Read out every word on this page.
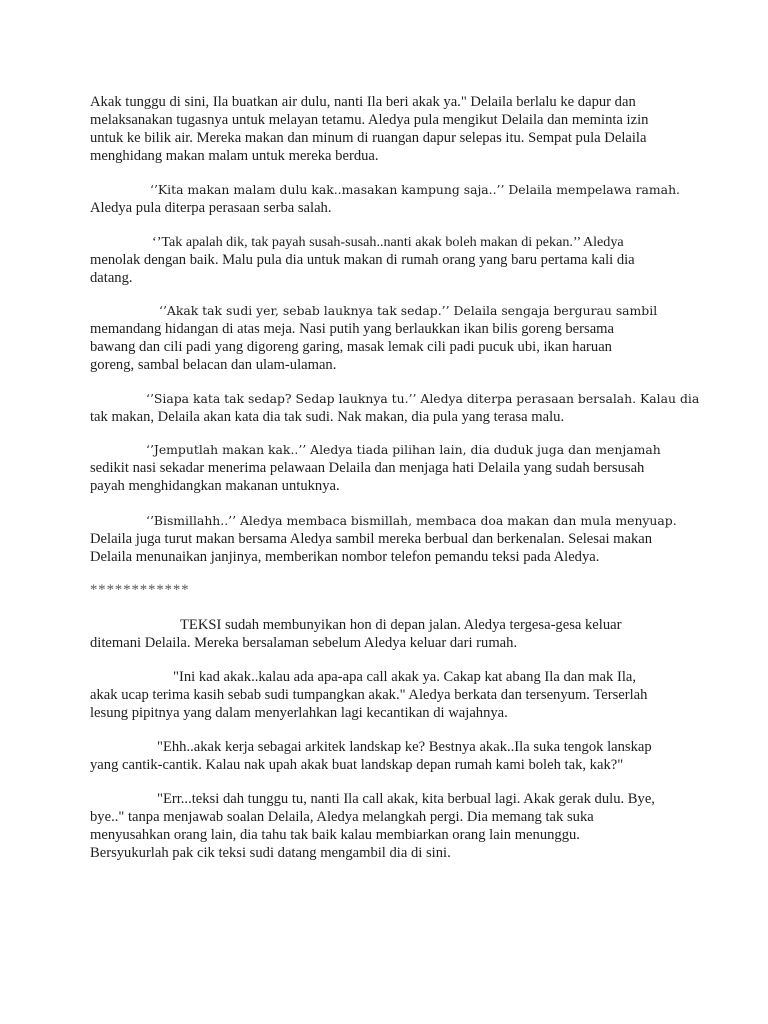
Akak tunggu di sini, Ila buatkan air dulu, nanti Ila beri akak ya." Delaila berlalu ke dapur dan
melaksanakan tugasnya untuk melayan tetamu. Aledya pula mengikut Delaila dan meminta izin
untuk ke bilik air. Mereka makan dan minum di ruangan dapur selepas itu. Sempat pula Delaila
menghidang makan malam untuk mereka berdua.

‘’Kita makan malam dulu kak..masakan kampung saja..’’ Delaila mempelawa ramah.
Aledya pula diterpa perasaan serba salah.

‘’Tak apalah dik, tak payah susah-susah..nanti akak boleh makan di pekan.’’ Aledya
menolak dengan baik. Malu pula dia untuk makan di rumah orang yang baru pertama kali dia
datang.

‘’Akak tak sudi yer, sebab lauknya tak sedap.’’ Delaila sengaja bergurau sambil
memandang hidangan di atas meja. Nasi putih yang berlaukkan ikan bilis goreng bersama
bawang dan cili padi yang digoreng garing, masak lemak cili padi pucuk ubi, ikan haruan
goreng, sambal belacan dan ulam-ulaman.

‘’Siapa kata tak sedap? Sedap lauknya tu.’’ Aledya diterpa perasaan bersalah. Kalau dia
tak makan, Delaila akan kata dia tak sudi. Nak makan, dia pula yang terasa malu.

‘’Jemputlah makan kak..’’ Aledya tiada pilihan lain, dia duduk juga dan menjamah
sedikit nasi sekadar menerima pelawaan Delaila dan menjaga hati Delaila yang sudah bersusah
payah menghidangkan makanan untuknya.

‘’Bismillahh..’’ Aledya membaca bismillah, membaca doa makan dan mula menyuap.
Delaila juga turut makan bersama Aledya sambil mereka berbual dan berkenalan. Selesai makan
Delaila menunaikan janjinya, memberikan nombor telefon pemandu teksi pada Aledya.

************

TEKSI sudah membunyikan hon di depan jalan. Aledya tergesa-gesa keluar
ditemani Delaila. Mereka bersalaman sebelum Aledya keluar dari rumah.

"Ini kad akak..kalau ada apa-apa call akak ya. Cakap kat abang Ila dan mak Ila,
akak ucap terima kasih sebab sudi tumpangkan akak." Aledya berkata dan tersenyum. Terserlah
lesung pipitnya yang dalam menyerlahkan lagi kecantikan di wajahnya.

"Ehh..akak kerja sebagai arkitek landskap ke? Bestnya akak..Ila suka tengok lanskap
yang cantik-cantik. Kalau nak upah akak buat landskap depan rumah kami boleh tak, kak?"

"Err...teksi dah tunggu tu, nanti Ila call akak, kita berbual lagi. Akak gerak dulu. Bye,
bye.." tanpa menjawab soalan Delaila, Aledya melangkah pergi. Dia memang tak suka
menyusahkan orang lain, dia tahu tak baik kalau membiarkan orang lain menunggu.
Bersyukurlah pak cik teksi sudi datang mengambil dia di sini.
